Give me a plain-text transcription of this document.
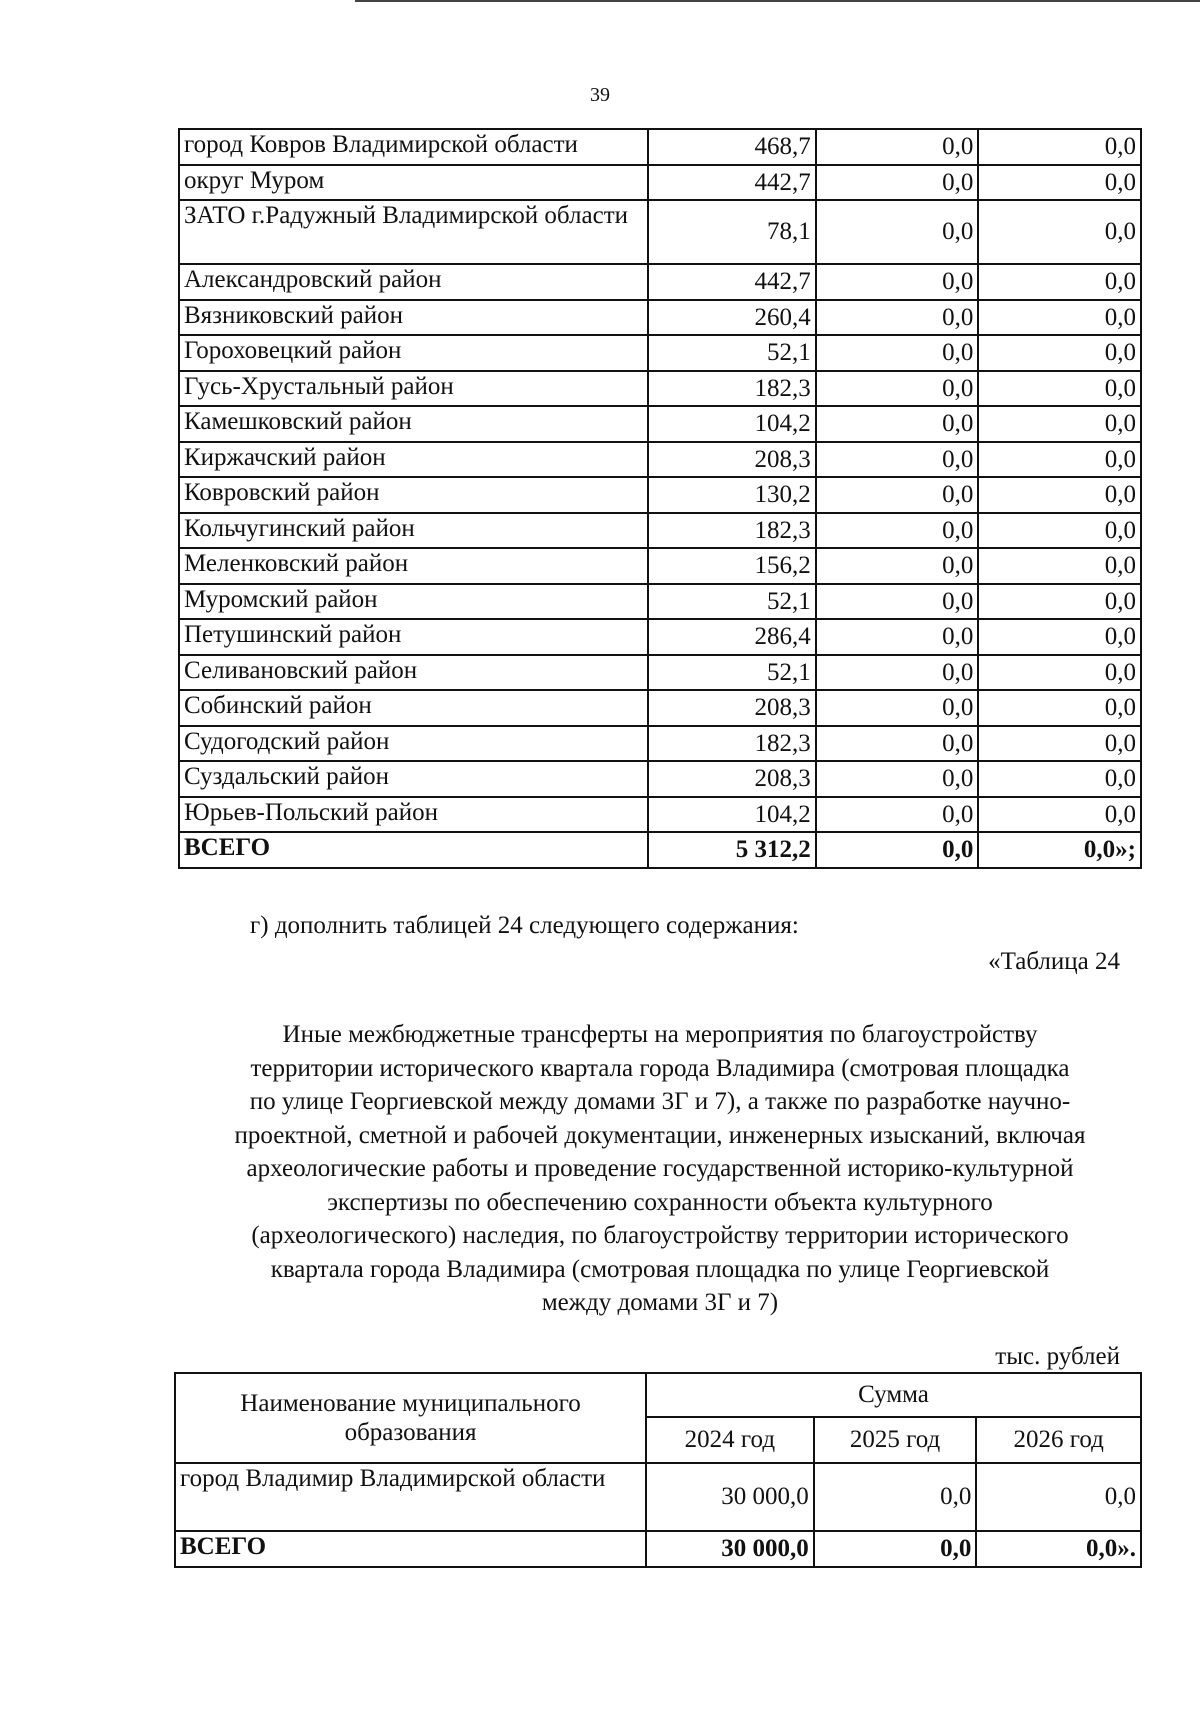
39
город Ковров Владимирской области	468,7	0,0	0,0
округ Муром	442,7	0,0	0,0
ЗАТО г.Радужный Владимирской области	78,1	0,0	0,0
Александровский район	442,7	0,0	0,0
Вязниковский район	260,4	0,0	0,0
Гороховецкий район	52,1	0,0	0,0
Гусь-Хрустальный район	182,3	0,0	0,0
Камешковский район	104,2	0,0	0,0
Киржачский район	208,3	0,0	0,0
Ковровский район	130,2	0,0	0,0
Кольчугинский район	182,3	0,0	0,0
Меленковский район	156,2	0,0	0,0
Муромский район	52,1	0,0	0,0
Петушинский район	286,4	0,0	0,0
Селивановский район	52,1	0,0	0,0
Собинский район	208,3	0,0	0,0
Судогодский район	182,3	0,0	0,0
Суздальский район	208,3	0,0	0,0
Юрьев-Польский район	104,2	0,0	0,0
ВСЕГО	5 312,2	0,0	0,0»;
г) дополнить таблицей 24 следующего содержания:
«Таблица 24
Иные межбюджетные трансферты на мероприятия по благоустройству
территории исторического квартала города Владимира (смотровая площадка
по улице Георгиевской между домами 3Г и 7), а также по разработке научно-
проектной, сметной и рабочей документации, инженерных изысканий, включая
археологические работы и проведение государственной историко-культурной
экспертизы по обеспечению сохранности объекта культурного
(археологического) наследия, по благоустройству территории исторического
квартала города Владимира (смотровая площадка по улице Георгиевской
между домами 3Г и 7)
тыс. рублей
Наименование муниципального образования	Сумма		
	2024 год	2025 год	2026 год
город Владимир Владимирской области	30 000,0	0,0	0,0
ВСЕГО	30 000,0	0,0	0,0».
